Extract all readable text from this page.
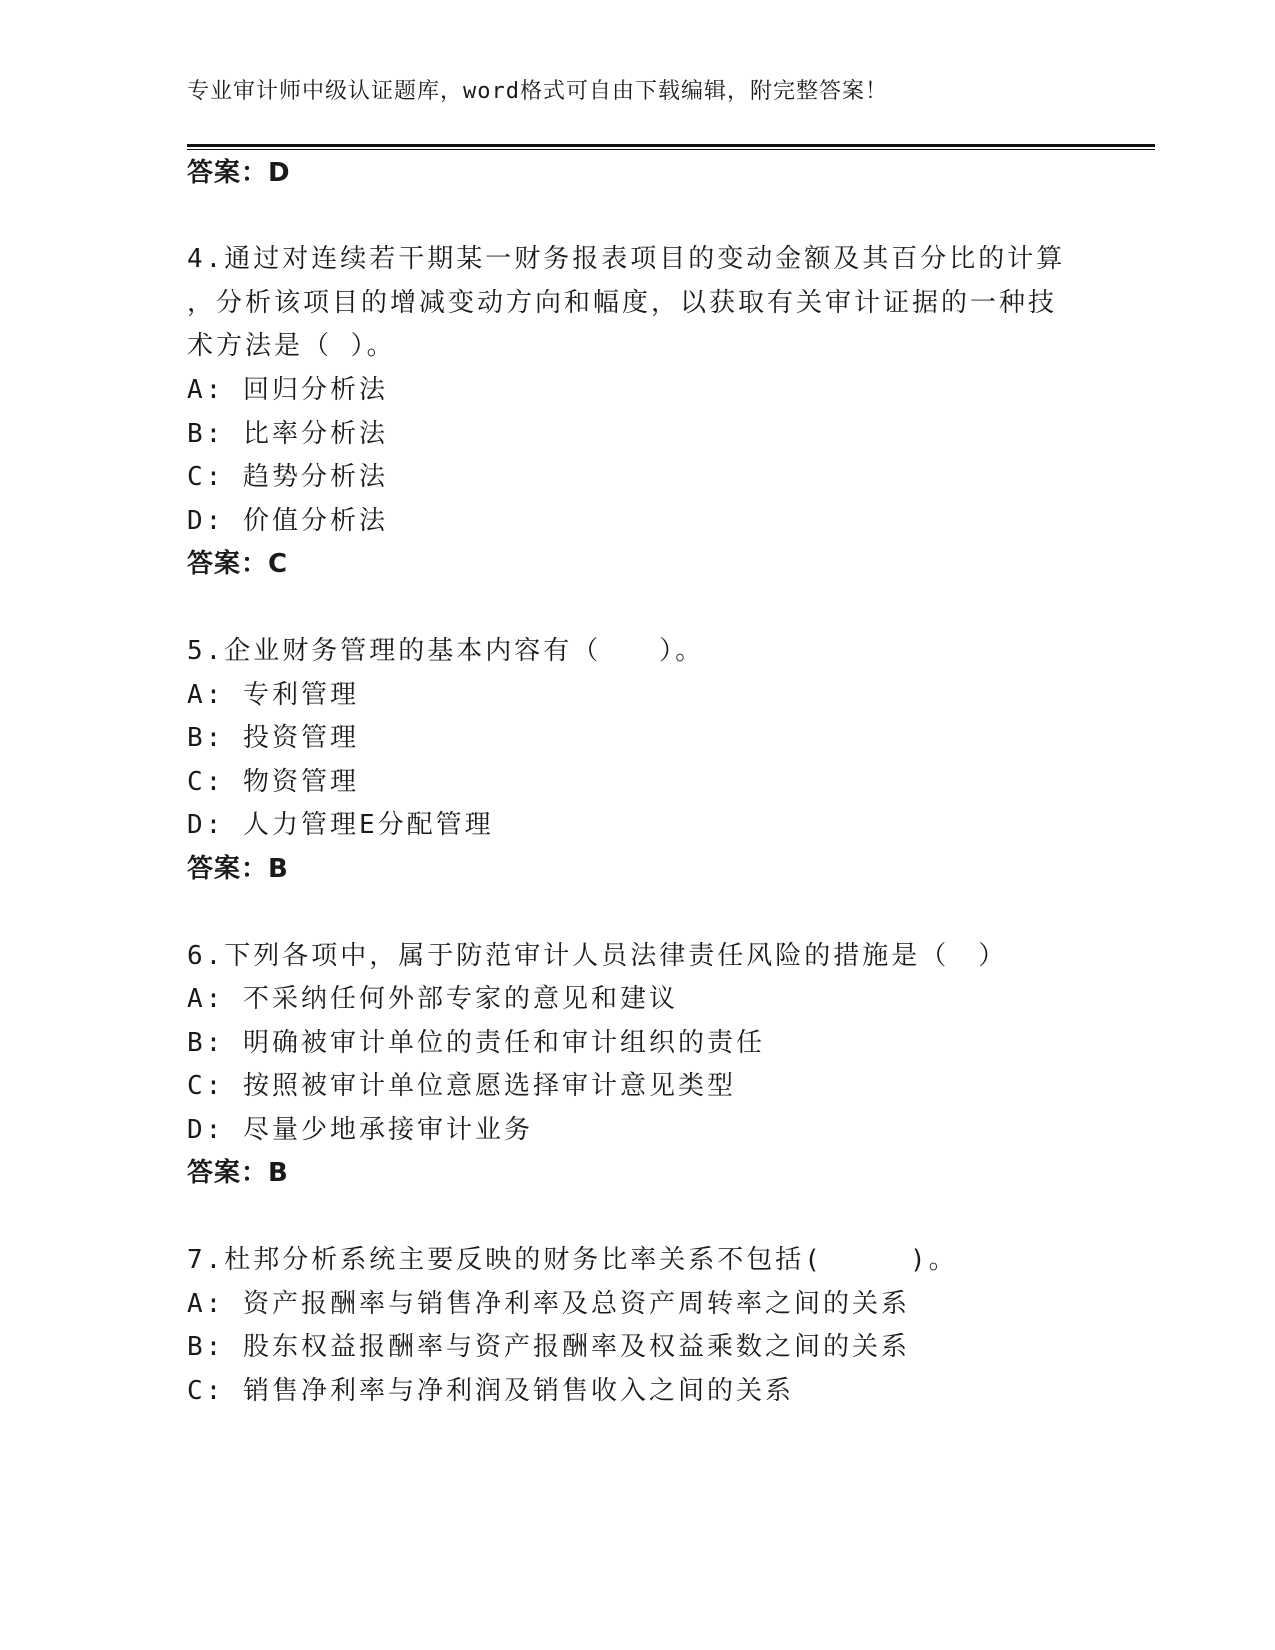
专业审计师中级认证题库，word格式可自由下载编辑，附完整答案！
答案：D
4.通过对连续若干期某一财务报表项目的变动金额及其百分比的计算
，分析该项目的增减变动方向和幅度，以获取有关审计证据的一种技
术方法是（ ）。
A: 回归分析法
B: 比率分析法
C: 趋势分析法
D: 价值分析法
答案：C
5.企业财务管理的基本内容有（　　）。
A: 专利管理
B: 投资管理
C: 物资管理
D: 人力管理E分配管理
答案：B
6.下列各项中，属于防范审计人员法律责任风险的措施是（　）
A: 不采纳任何外部专家的意见和建议
B: 明确被审计单位的责任和审计组织的责任
C: 按照被审计单位意愿选择审计意见类型
D: 尽量少地承接审计业务
答案：B
7.杜邦分析系统主要反映的财务比率关系不包括(　　　)。
A: 资产报酬率与销售净利率及总资产周转率之间的关系
B: 股东权益报酬率与资产报酬率及权益乘数之间的关系
C: 销售净利率与净利润及销售收入之间的关系
